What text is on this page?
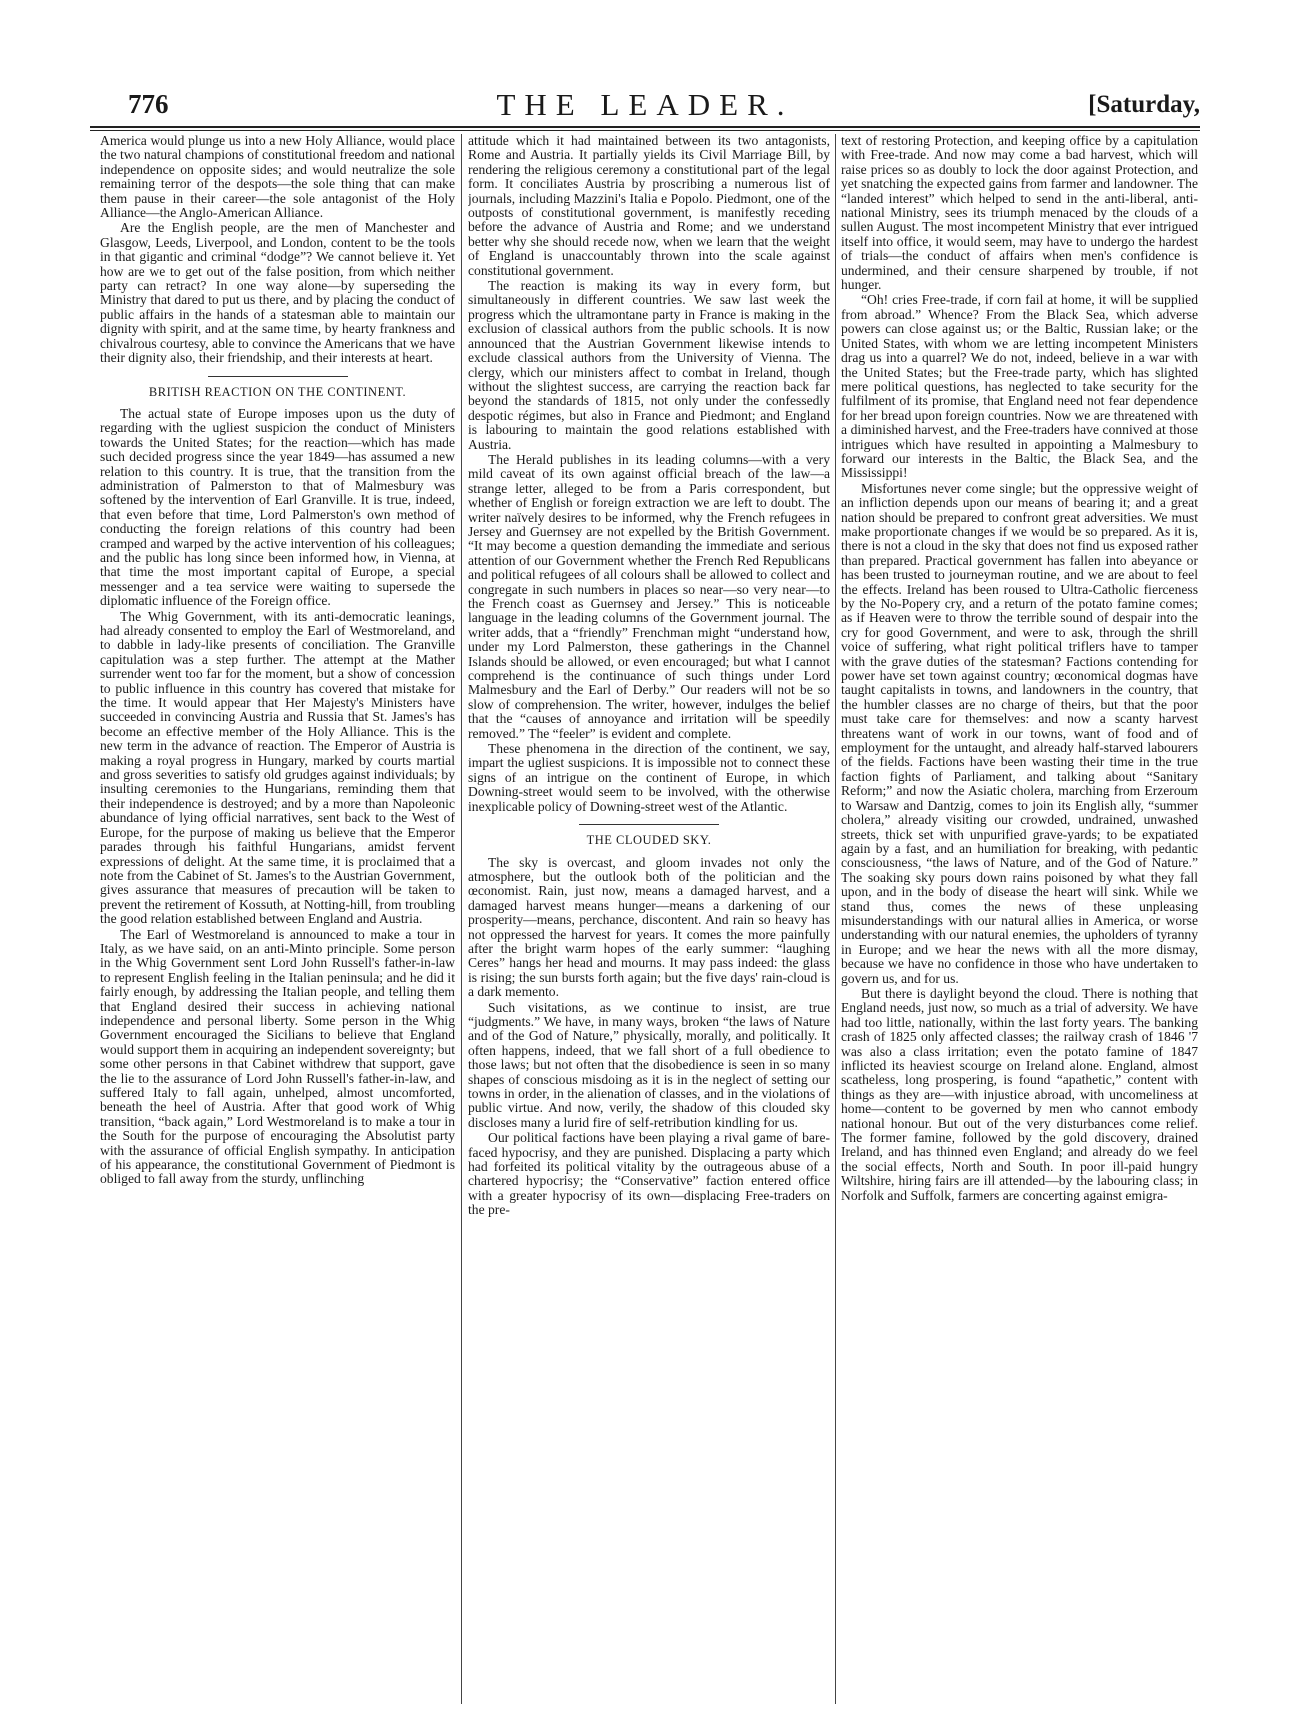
776	THE LEADER.	[Saturday,

America would plunge us into a new Holy Alliance, would place the two natural champions of constitutional freedom and national independence on opposite sides; and would neutralize the sole remaining terror of the despots—the sole thing that can make them pause in their career—the sole antagonist of the Holy Alliance—the Anglo-American Alliance.

Are the English people, are the men of Manchester and Glasgow, Leeds, Liverpool, and London, content to be the tools in that gigantic and criminal “dodge”? We cannot believe it. Yet how are we to get out of the false position, from which neither party can retract? In one way alone—by superseding the Ministry that dared to put us there, and by placing the conduct of public affairs in the hands of a statesman able to maintain our dignity with spirit, and at the same time, by hearty frankness and chivalrous courtesy, able to convince the Americans that we have their dignity also, their friendship, and their interests at heart.

BRITISH REACTION ON THE CONTINENT.

The actual state of Europe imposes upon us the duty of regarding with the ugliest suspicion the conduct of Ministers towards the United States; for the reaction—which has made such decided progress since the year 1849—has assumed a new relation to this country. It is true, that the transition from the administration of Palmerston to that of Malmesbury was softened by the intervention of Earl Granville. It is true, indeed, that even before that time, Lord Palmerston's own method of conducting the foreign relations of this country had been cramped and warped by the active intervention of his colleagues; and the public has long since been informed how, in Vienna, at that time the most important capital of Europe, a special messenger and a tea service were waiting to supersede the diplomatic influence of the Foreign office.

The Whig Government, with its anti-democratic leanings, had already consented to employ the Earl of Westmoreland, and to dabble in lady-like presents of conciliation. The Granville capitulation was a step further. The attempt at the Mather surrender went too far for the moment, but a show of concession to public influence in this country has covered that mistake for the time. It would appear that Her Majesty's Ministers have succeeded in convincing Austria and Russia that St. James's has become an effective member of the Holy Alliance. This is the new term in the advance of reaction. The Emperor of Austria is making a royal progress in Hungary, marked by courts martial and gross severities to satisfy old grudges against individuals; by insulting ceremonies to the Hungarians, reminding them that their independence is destroyed; and by a more than Napoleonic abundance of lying official narratives, sent back to the West of Europe, for the purpose of making us believe that the Emperor parades through his faithful Hungarians, amidst fervent expressions of delight. At the same time, it is proclaimed that a note from the Cabinet of St. James's to the Austrian Government, gives assurance that measures of precaution will be taken to prevent the retirement of Kossuth, at Notting-hill, from troubling the good relation established between England and Austria.

The Earl of Westmoreland is announced to make a tour in Italy, as we have said, on an anti-Minto principle. Some person in the Whig Government sent Lord John Russell's father-in-law to represent English feeling in the Italian peninsula; and he did it fairly enough, by addressing the Italian people, and telling them that England desired their success in achieving national independence and personal liberty. Some person in the Whig Government encouraged the Sicilians to believe that England would support them in acquiring an independent sovereignty; but some other persons in that Cabinet withdrew that support, gave the lie to the assurance of Lord John Russell's father-in-law, and suffered Italy to fall again, unhelped, almost uncomforted, beneath the heel of Austria. After that good work of Whig transition, “back again,” Lord Westmoreland is to make a tour in the South for the purpose of encouraging the Absolutist party with the assurance of official English sympathy. In anticipation of his appearance, the constitutional Government of Piedmont is obliged to fall away from the sturdy, unflinching

attitude which it had maintained between its two antagonists, Rome and Austria. It partially yields its Civil Marriage Bill, by rendering the religious ceremony a constitutional part of the legal form. It conciliates Austria by proscribing a numerous list of journals, including Mazzini's Italia e Popolo. Piedmont, one of the outposts of constitutional government, is manifestly receding before the advance of Austria and Rome; and we understand better why she should recede now, when we learn that the weight of England is unaccountably thrown into the scale against constitutional government.

The reaction is making its way in every form, but simultaneously in different countries. We saw last week the progress which the ultramontane party in France is making in the exclusion of classical authors from the public schools. It is now announced that the Austrian Government likewise intends to exclude classical authors from the University of Vienna. The clergy, which our ministers affect to combat in Ireland, though without the slightest success, are carrying the reaction back far beyond the standards of 1815, not only under the confessedly despotic régimes, but also in France and Piedmont; and England is labouring to maintain the good relations established with Austria.

The Herald publishes in its leading columns—with a very mild caveat of its own against official breach of the law—a strange letter, alleged to be from a Paris correspondent, but whether of English or foreign extraction we are left to doubt. The writer naïvely desires to be informed, why the French refugees in Jersey and Guernsey are not expelled by the British Government. “It may become a question demanding the immediate and serious attention of our Government whether the French Red Republicans and political refugees of all colours shall be allowed to collect and congregate in such numbers in places so near—so very near—to the French coast as Guernsey and Jersey.” This is noticeable language in the leading columns of the Government journal. The writer adds, that a “friendly” Frenchman might “understand how, under my Lord Palmerston, these gatherings in the Channel Islands should be allowed, or even encouraged; but what I cannot comprehend is the continuance of such things under Lord Malmesbury and the Earl of Derby.” Our readers will not be so slow of comprehension. The writer, however, indulges the belief that the “causes of annoyance and irritation will be speedily removed.” The “feeler” is evident and complete.

These phenomena in the direction of the continent, we say, impart the ugliest suspicions. It is impossible not to connect these signs of an intrigue on the continent of Europe, in which Downing-street would seem to be involved, with the otherwise inexplicable policy of Downing-street west of the Atlantic.

THE CLOUDED SKY.

The sky is overcast, and gloom invades not only the atmosphere, but the outlook both of the politician and the œconomist. Rain, just now, means a damaged harvest, and a damaged harvest means hunger—means a darkening of our prosperity—means, perchance, discontent. And rain so heavy has not oppressed the harvest for years. It comes the more painfully after the bright warm hopes of the early summer: “laughing Ceres” hangs her head and mourns. It may pass indeed: the glass is rising; the sun bursts forth again; but the five days' rain-cloud is a dark memento.

Such visitations, as we continue to insist, are true “judgments.” We have, in many ways, broken “the laws of Nature and of the God of Nature,” physically, morally, and politically. It often happens, indeed, that we fall short of a full obedience to those laws; but not often that the disobedience is seen in so many shapes of conscious misdoing as it is in the neglect of setting our towns in order, in the alienation of classes, and in the violations of public virtue. And now, verily, the shadow of this clouded sky discloses many a lurid fire of self-retribution kindling for us.

Our political factions have been playing a rival game of bare-faced hypocrisy, and they are punished. Displacing a party which had forfeited its political vitality by the outrageous abuse of a chartered hypocrisy; the “Conservative” faction entered office with a greater hypocrisy of its own—displacing Free-traders on the pre-

text of restoring Protection, and keeping office by a capitulation with Free-trade. And now may come a bad harvest, which will raise prices so as doubly to lock the door against Protection, and yet snatching the expected gains from farmer and landowner. The “landed interest” which helped to send in the anti-liberal, anti-national Ministry, sees its triumph menaced by the clouds of a sullen August. The most incompetent Ministry that ever intrigued itself into office, it would seem, may have to undergo the hardest of trials—the conduct of affairs when men's confidence is undermined, and their censure sharpened by trouble, if not hunger.

“Oh! cries Free-trade, if corn fail at home, it will be supplied from abroad.” Whence? From the Black Sea, which adverse powers can close against us; or the Baltic, Russian lake; or the United States, with whom we are letting incompetent Ministers drag us into a quarrel? We do not, indeed, believe in a war with the United States; but the Free-trade party, which has slighted mere political questions, has neglected to take security for the fulfilment of its promise, that England need not fear dependence for her bread upon foreign countries. Now we are threatened with a diminished harvest, and the Free-traders have connived at those intrigues which have resulted in appointing a Malmesbury to forward our interests in the Baltic, the Black Sea, and the Mississippi!

Misfortunes never come single; but the oppressive weight of an infliction depends upon our means of bearing it; and a great nation should be prepared to confront great adversities. We must make proportionate changes if we would be so prepared. As it is, there is not a cloud in the sky that does not find us exposed rather than prepared. Practical government has fallen into abeyance or has been trusted to journeyman routine, and we are about to feel the effects. Ireland has been roused to Ultra-Catholic fierceness by the No-Popery cry, and a return of the potato famine comes; as if Heaven were to throw the terrible sound of despair into the cry for good Government, and were to ask, through the shrill voice of suffering, what right political triflers have to tamper with the grave duties of the statesman? Factions contending for power have set town against country; œconomical dogmas have taught capitalists in towns, and landowners in the country, that the humbler classes are no charge of theirs, but that the poor must take care for themselves: and now a scanty harvest threatens want of work in our towns, want of food and of employment for the untaught, and already half-starved labourers of the fields. Factions have been wasting their time in the true faction fights of Parliament, and talking about “Sanitary Reform;” and now the Asiatic cholera, marching from Erzeroum to Warsaw and Dantzig, comes to join its English ally, “summer cholera,” already visiting our crowded, undrained, unwashed streets, thick set with unpurified grave-yards; to be expatiated again by a fast, and an humiliation for breaking, with pedantic consciousness, “the laws of Nature, and of the God of Nature.” The soaking sky pours down rains poisoned by what they fall upon, and in the body of disease the heart will sink. While we stand thus, comes the news of these unpleasing misunderstandings with our natural allies in America, or worse understanding with our natural enemies, the upholders of tyranny in Europe; and we hear the news with all the more dismay, because we have no confidence in those who have undertaken to govern us, and for us.

But there is daylight beyond the cloud. There is nothing that England needs, just now, so much as a trial of adversity. We have had too little, nationally, within the last forty years. The banking crash of 1825 only affected classes; the railway crash of 1846 '7 was also a class irritation; even the potato famine of 1847 inflicted its heaviest scourge on Ireland alone. England, almost scatheless, long prospering, is found “apathetic,” content with things as they are—with injustice abroad, with uncomeliness at home—content to be governed by men who cannot embody national honour. But out of the very disturbances come relief. The former famine, followed by the gold discovery, drained Ireland, and has thinned even England; and already do we feel the social effects, North and South. In poor ill-paid hungry Wiltshire, hiring fairs are ill attended—by the labouring class; in Norfolk and Suffolk, farmers are concerting against emigra-
